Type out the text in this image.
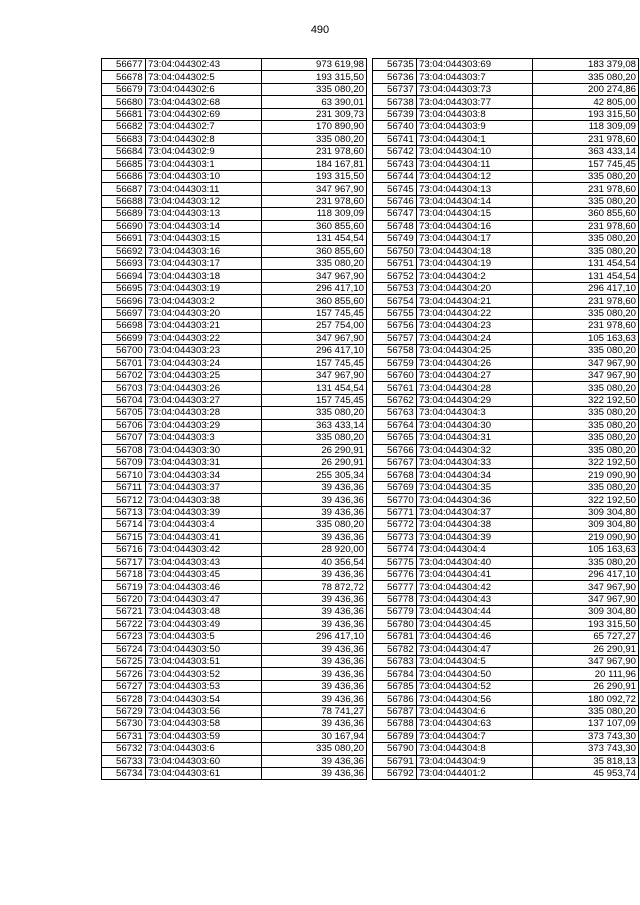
490
56677	73:04:044302:43	973 619,98
56678	73:04:044302:5	193 315,50
56679	73:04:044302:6	335 080,20
56680	73:04:044302:68	63 390,01
56681	73:04:044302:69	231 309,73
56682	73:04:044302:7	170 890,90
56683	73:04:044302:8	335 080,20
56684	73:04:044302:9	231 978,60
56685	73:04:044303:1	184 167,81
56686	73:04:044303:10	193 315,50
56687	73:04:044303:11	347 967,90
56688	73:04:044303:12	231 978,60
56689	73:04:044303:13	118 309,09
56690	73:04:044303:14	360 855,60
56691	73:04:044303:15	131 454,54
56692	73:04:044303:16	360 855,60
56693	73:04:044303:17	335 080,20
56694	73:04:044303:18	347 967,90
56695	73:04:044303:19	296 417,10
56696	73:04:044303:2	360 855,60
56697	73:04:044303:20	157 745,45
56698	73:04:044303:21	257 754,00
56699	73:04:044303:22	347 967,90
56700	73:04:044303:23	296 417,10
56701	73:04:044303:24	157 745,45
56702	73:04:044303:25	347 967,90
56703	73:04:044303:26	131 454,54
56704	73:04:044303:27	157 745,45
56705	73:04:044303:28	335 080,20
56706	73:04:044303:29	363 433,14
56707	73:04:044303:3	335 080,20
56708	73:04:044303:30	26 290,91
56709	73:04:044303:31	26 290,91
56710	73:04:044303:34	255 305,34
56711	73:04:044303:37	39 436,36
56712	73:04:044303:38	39 436,36
56713	73:04:044303:39	39 436,36
56714	73:04:044303:4	335 080,20
56715	73:04:044303:41	39 436,36
56716	73:04:044303:42	28 920,00
56717	73:04:044303:43	40 356,54
56718	73:04:044303:45	39 436,36
56719	73:04:044303:46	78 872,72
56720	73:04:044303:47	39 436,36
56721	73:04:044303:48	39 436,36
56722	73:04:044303:49	39 436,36
56723	73:04:044303:5	296 417,10
56724	73:04:044303:50	39 436,36
56725	73:04:044303:51	39 436,36
56726	73:04:044303:52	39 436,36
56727	73:04:044303:53	39 436,36
56728	73:04:044303:54	39 436,36
56729	73:04:044303:56	78 741,27
56730	73:04:044303:58	39 436,36
56731	73:04:044303:59	30 167,94
56732	73:04:044303:6	335 080,20
56733	73:04:044303:60	39 436,36
56734	73:04:044303:61	39 436,36
56735	73:04:044303:69	183 379,08
56736	73:04:044303:7	335 080,20
56737	73:04:044303:73	200 274,86
56738	73:04:044303:77	42 805,00
56739	73:04:044303:8	193 315,50
56740	73:04:044303:9	118 309,09
56741	73:04:044304:1	231 978,60
56742	73:04:044304:10	363 433,14
56743	73:04:044304:11	157 745,45
56744	73:04:044304:12	335 080,20
56745	73:04:044304:13	231 978,60
56746	73:04:044304:14	335 080,20
56747	73:04:044304:15	360 855,60
56748	73:04:044304:16	231 978,60
56749	73:04:044304:17	335 080,20
56750	73:04:044304:18	335 080,20
56751	73:04:044304:19	131 454,54
56752	73:04:044304:2	131 454,54
56753	73:04:044304:20	296 417,10
56754	73:04:044304:21	231 978,60
56755	73:04:044304:22	335 080,20
56756	73:04:044304:23	231 978,60
56757	73:04:044304:24	105 163,63
56758	73:04:044304:25	335 080,20
56759	73:04:044304:26	347 967,90
56760	73:04:044304:27	347 967,90
56761	73:04:044304:28	335 080,20
56762	73:04:044304:29	322 192,50
56763	73:04:044304:3	335 080,20
56764	73:04:044304:30	335 080,20
56765	73:04:044304:31	335 080,20
56766	73:04:044304:32	335 080,20
56767	73:04:044304:33	322 192,50
56768	73:04:044304:34	219 090,90
56769	73:04:044304:35	335 080,20
56770	73:04:044304:36	322 192,50
56771	73:04:044304:37	309 304,80
56772	73:04:044304:38	309 304,80
56773	73:04:044304:39	219 090,90
56774	73:04:044304:4	105 163,63
56775	73:04:044304:40	335 080,20
56776	73:04:044304:41	296 417,10
56777	73:04:044304:42	347 967,90
56778	73:04:044304:43	347 967,90
56779	73:04:044304:44	309 304,80
56780	73:04:044304:45	193 315,50
56781	73:04:044304:46	65 727,27
56782	73:04:044304:47	26 290,91
56783	73:04:044304:5	347 967,90
56784	73:04:044304:50	20 111,96
56785	73:04:044304:52	26 290,91
56786	73:04:044304:56	180 092,72
56787	73:04:044304:6	335 080,20
56788	73:04:044304:63	137 107,09
56789	73:04:044304:7	373 743,30
56790	73:04:044304:8	373 743,30
56791	73:04:044304:9	35 818,13
56792	73:04:044401:2	45 953,74
